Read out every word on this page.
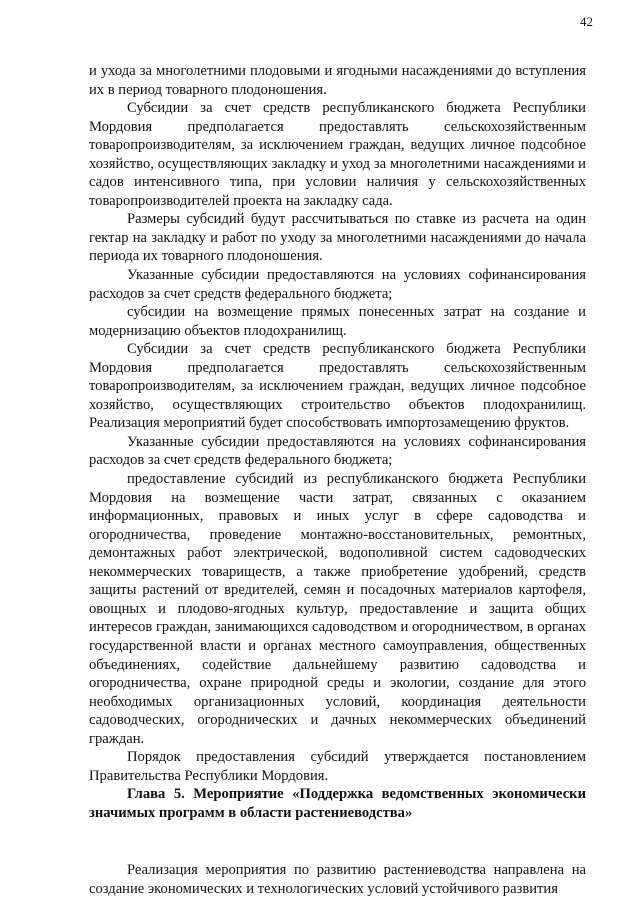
42

и ухода за многолетними плодовыми и ягодными насаждениями до вступления их в период товарного плодоношения.

Субсидии за счет средств республиканского бюджета Республики Мордовия предполагается предоставлять сельскохозяйственным товаропроизводителям, за исключением граждан, ведущих личное подсобное хозяйство, осуществляющих закладку и уход за многолетними насаждениями и садов интенсивного типа, при условии наличия у сельскохозяйственных товаропроизводителей проекта на закладку сада.

Размеры субсидий будут рассчитываться по ставке из расчета на один гектар на закладку и работ по уходу за многолетними насаждениями до начала периода их товарного плодоношения.

Указанные субсидии предоставляются на условиях софинансирования расходов за счет средств федерального бюджета;

субсидии на возмещение прямых понесенных затрат на создание и модернизацию объектов плодохранилищ.

Субсидии за счет средств республиканского бюджета Республики Мордовия предполагается предоставлять сельскохозяйственным товаропроизводителям, за исключением граждан, ведущих личное подсобное хозяйство, осуществляющих строительство объектов плодохранилищ. Реализация мероприятий будет способствовать импортозамещению фруктов.

Указанные субсидии предоставляются на условиях софинансирования расходов за счет средств федерального бюджета;

предоставление субсидий из республиканского бюджета Республики Мордовия на возмещение части затрат, связанных с оказанием информационных, правовых и иных услуг в сфере садоводства и огородничества, проведение монтажно-восстановительных, ремонтных, демонтажных работ электрической, водополивной систем садоводческих некоммерческих товариществ, а также приобретение удобрений, средств защиты растений от вредителей, семян и посадочных материалов картофеля, овощных и плодово-ягодных культур, предоставление и защита общих интересов граждан, занимающихся садоводством и огородничеством, в органах государственной власти и органах местного самоуправления, общественных объединениях, содействие дальнейшему развитию садоводства и огородничества, охране природной среды и экологии, создание для этого необходимых организационных условий, координация деятельности садоводческих, огороднических и дачных некоммерческих объединений граждан.

Порядок предоставления субсидий утверждается постановлением Правительства Республики Мордовия.

Глава 5. Мероприятие «Поддержка ведомственных экономически значимых программ в области растениеводства»

Реализация мероприятия по развитию растениеводства направлена на создание экономических и технологических условий устойчивого развития
